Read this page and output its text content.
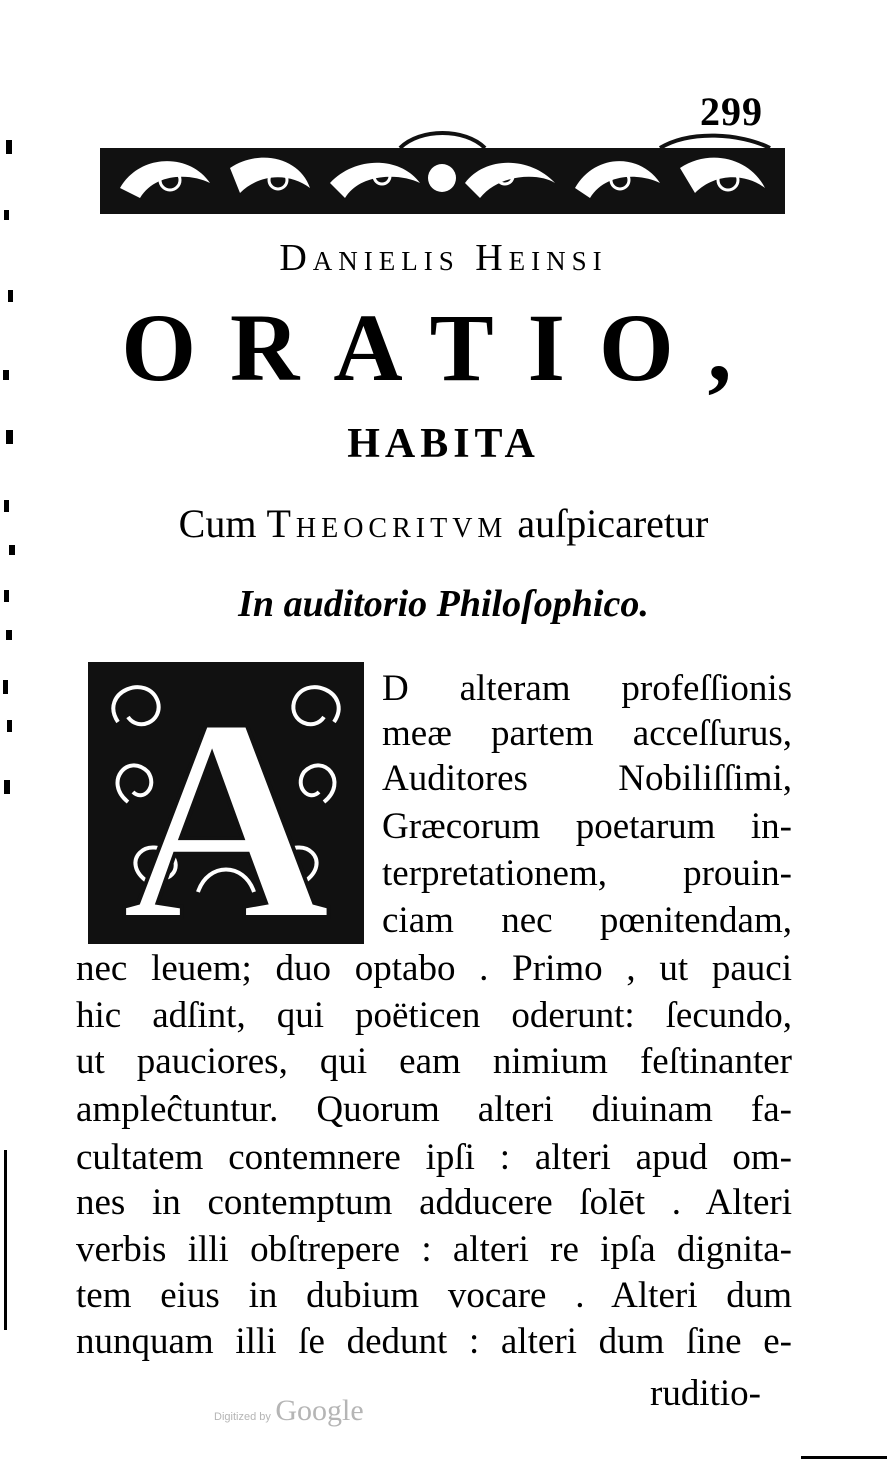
299
Danielis Heinsi
ORATIO,
HABITA
Cum Theocritvm auſpicaretur
In auditorio Philoſophico.
A D alteram profeſſionis
meæ partem acceſſurus,
Auditores Nobiliſſimi,
Græcorum poetarum in-
terpretationem, prouin-
ciam nec pœnitendam,
nec leuem; duo optabo . Primo , ut pauci
hic adſint, qui poëticen oderunt: ſecundo,
ut pauciores, qui eam nimium feſtinanter
ampleĉtuntur. Quorum alteri diuinam fa-
cultatem contemnere ipſi : alteri apud om-
nes in contemptum adducere ſolēt . Alteri
verbis illi obſtrepere : alteri re ipſa dignita-
tem eius in dubium vocare . Alteri dum
nunquam illi ſe dedunt : alteri dum ſine e-
ruditio-
Digitized by Google
